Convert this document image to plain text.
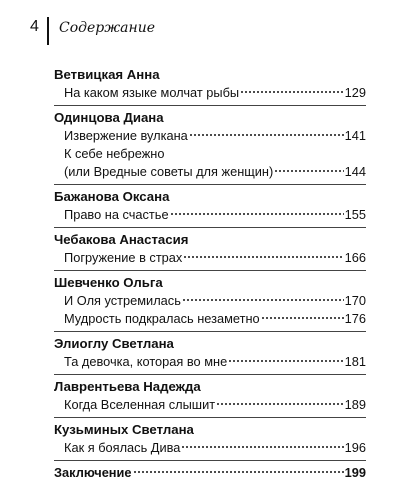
4 Содержание
Ветвицкая Анна
На каком языке молчат рыбы	129
Одинцова Диана
Извержение вулкана	141
К себе небрежно
(или Вредные советы для женщин)	144
Бажанова Оксана
Право на счастье	155
Чебакова Анастасия
Погружение в страх	166
Шевченко Ольга
И Оля устремилась	170
Мудрость подкралась незаметно	176
Элиоглу Светлана
Та девочка, которая во мне	181
Лаврентьева Надежда
Когда Вселенная слышит	189
Кузьминых Светлана
Как я боялась Дива	196
Заключение	199
